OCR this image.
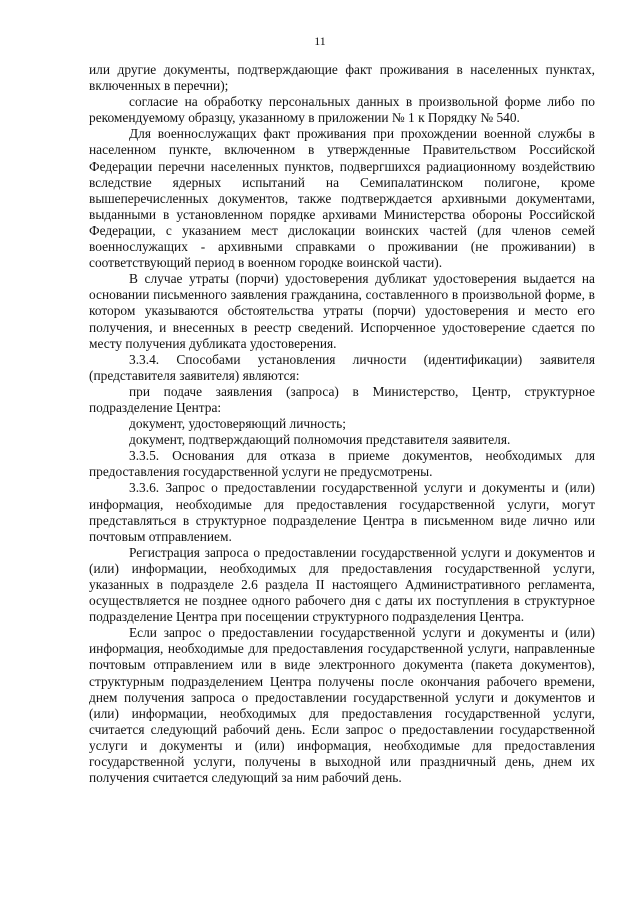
11

или другие документы, подтверждающие факт проживания в населенных пунктах, включенных в перечни);

согласие на обработку персональных данных в произвольной форме либо по рекомендуемому образцу, указанному в приложении № 1 к Порядку № 540.

Для военнослужащих факт проживания при прохождении военной службы в населенном пункте, включенном в утвержденные Правительством Российской Федерации перечни населенных пунктов, подвергшихся радиационному воздействию вследствие ядерных испытаний на Семипалатинском полигоне, кроме вышеперечисленных документов, также подтверждается архивными документами, выданными в установленном порядке архивами Министерства обороны Российской Федерации, с указанием мест дислокации воинских частей (для членов семей военнослужащих - архивными справками о проживании (не проживании) в соответствующий период в военном городке воинской части).

В случае утраты (порчи) удостоверения дубликат удостоверения выдается на основании письменного заявления гражданина, составленного в произвольной форме, в котором указываются обстоятельства утраты (порчи) удостоверения и место его получения, и внесенных в реестр сведений. Испорченное удостоверение сдается по месту получения дубликата удостоверения.

3.3.4. Способами установления личности (идентификации) заявителя (представителя заявителя) являются:

при подаче заявления (запроса) в Министерство, Центр, структурное подразделение Центра:

документ, удостоверяющий личность;

документ, подтверждающий полномочия представителя заявителя.

3.3.5. Основания для отказа в приеме документов, необходимых для предоставления государственной услуги не предусмотрены.

3.3.6. Запрос о предоставлении государственной услуги и документы и (или) информация, необходимые для предоставления государственной услуги, могут представляться в структурное подразделение Центра в письменном виде лично или почтовым отправлением.

Регистрация запроса о предоставлении государственной услуги и документов и (или) информации, необходимых для предоставления государственной услуги, указанных в подразделе 2.6 раздела II настоящего Административного регламента, осуществляется не позднее одного рабочего дня с даты их поступления в структурное подразделение Центра при посещении структурного подразделения Центра.

Если запрос о предоставлении государственной услуги и документы и (или) информация, необходимые для предоставления государственной услуги, направленные почтовым отправлением или в виде электронного документа (пакета документов), структурным подразделением Центра получены после окончания рабочего времени, днем получения запроса о предоставлении государственной услуги и документов и (или) информации, необходимых для предоставления государственной услуги, считается следующий рабочий день. Если запрос о предоставлении государственной услуги и документы и (или) информация, необходимые для предоставления государственной услуги, получены в выходной или праздничный день, днем их получения считается следующий за ним рабочий день.
